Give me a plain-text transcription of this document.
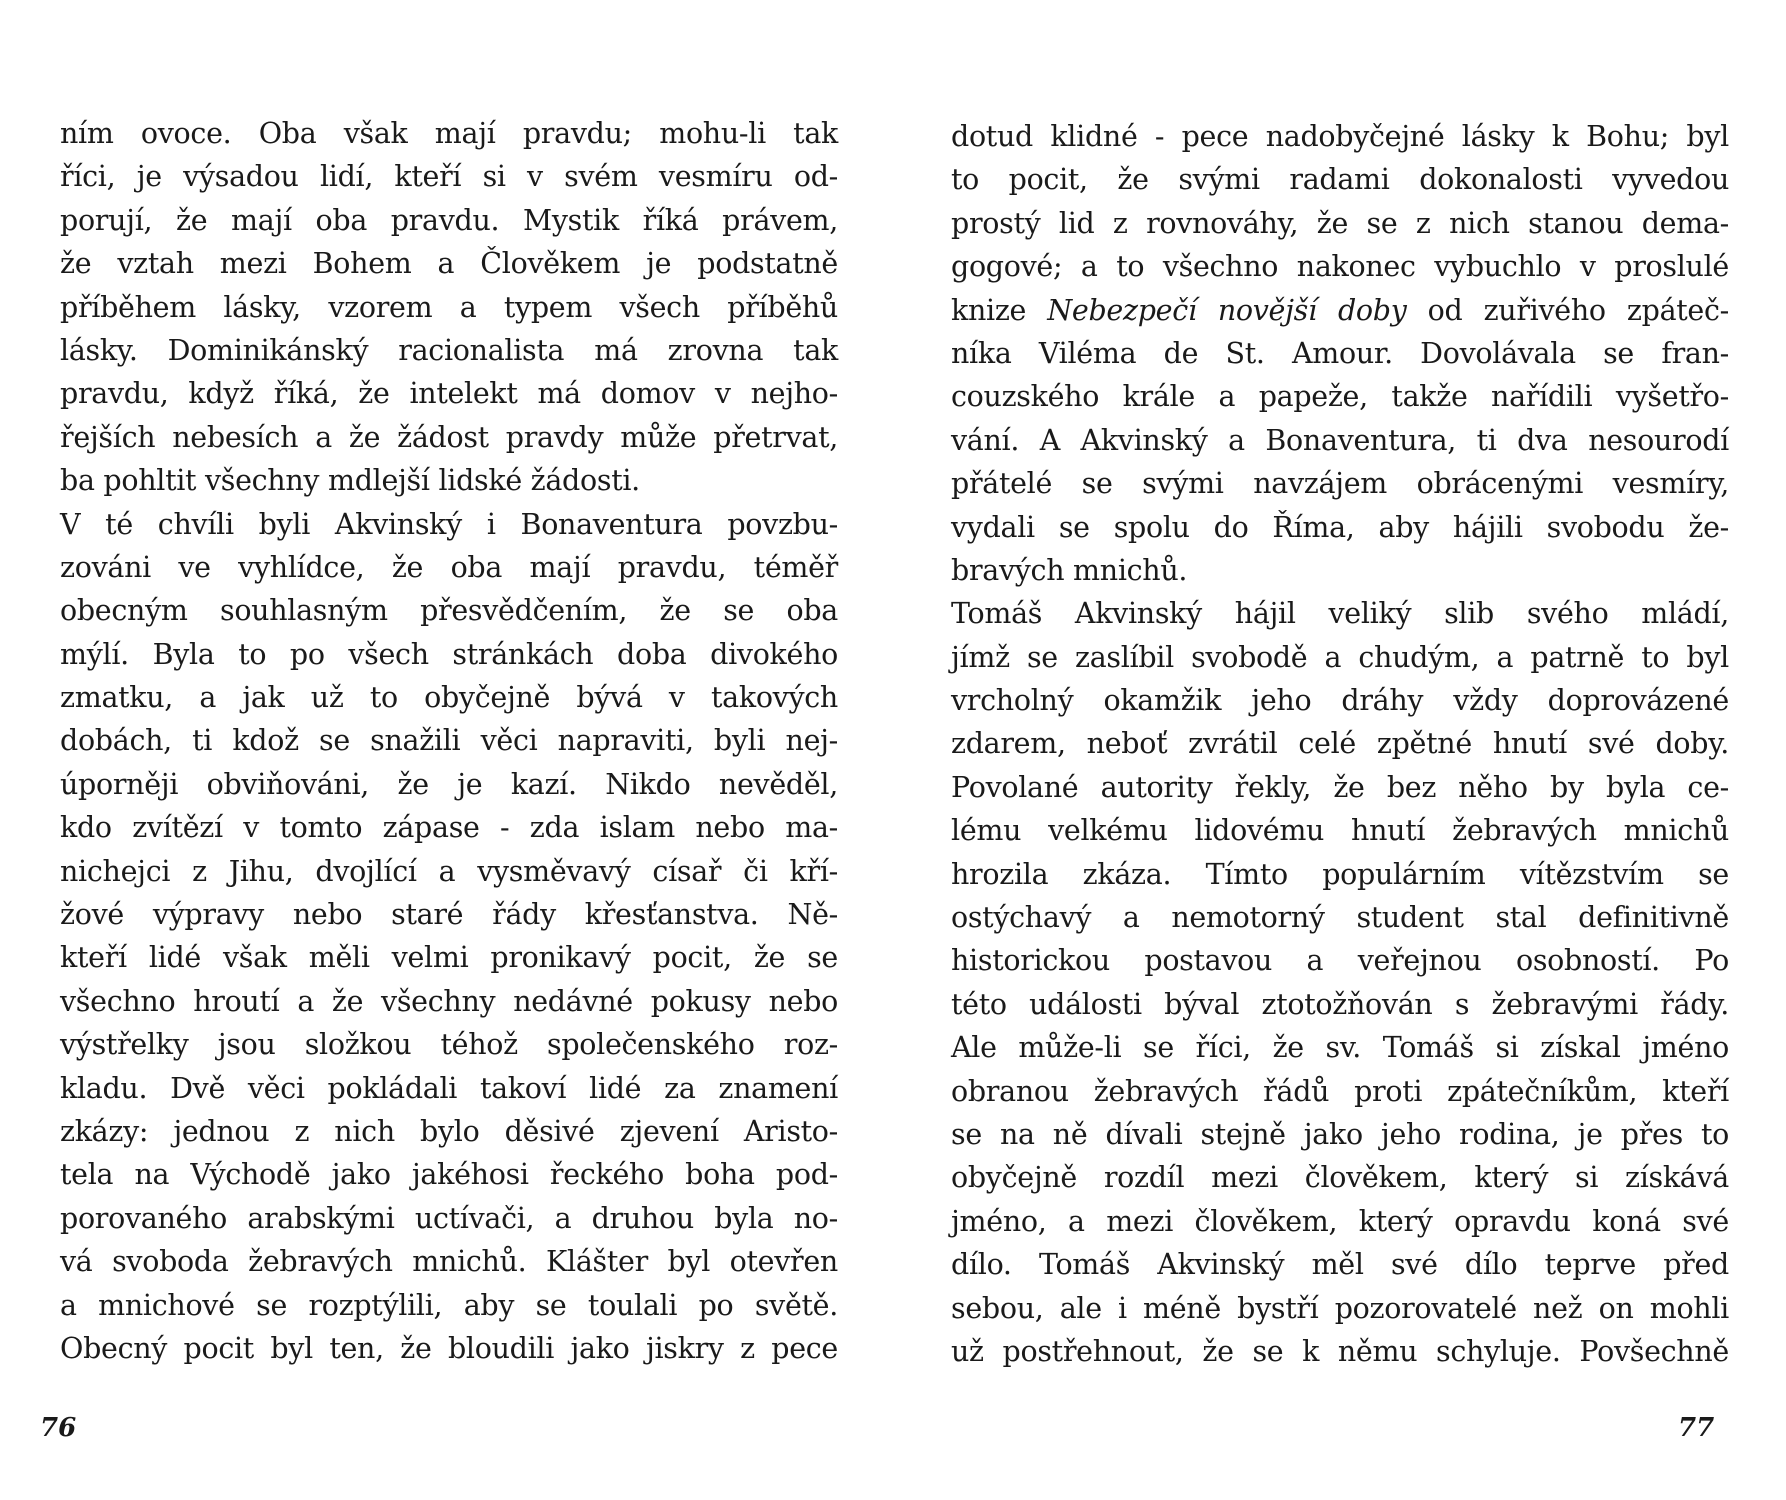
ním ovoce. Oba však mají pravdu; mohu-li tak
říci, je výsadou lidí, kteří si v svém vesmíru od-
porují, že mají oba pravdu. Mystik říká právem,
že vztah mezi Bohem a Člověkem je podstatně
příběhem lásky, vzorem a typem všech příběhů
lásky. Dominikánský racionalista má zrovna tak
pravdu, když říká, že intelekt má domov v nejho-
řejších nebesích a že žádost pravdy může přetrvat,
ba pohltit všechny mdlejší lidské žádosti.
V té chvíli byli Akvinský i Bonaventura povzbu-
zováni ve vyhlídce, že oba mají pravdu, téměř
obecným souhlasným přesvědčením, že se oba
mýlí. Byla to po všech stránkách doba divokého
zmatku, a jak už to obyčejně bývá v takových
dobách, ti kdož se snažili věci napraviti, byli nej-
úporněji obviňováni, že je kazí. Nikdo nevěděl,
kdo zvítězí v tomto zápase - zda islam nebo ma-
nichejci z Jihu, dvojlící a vysměvavý císař či kří-
žové výpravy nebo staré řády křesťanstva. Ně-
kteří lidé však měli velmi pronikavý pocit, že se
všechno hroutí a že všechny nedávné pokusy nebo
výstřelky jsou složkou téhož společenského roz-
kladu. Dvě věci pokládali takoví lidé za znamení
zkázy: jednou z nich bylo děsivé zjevení Aristo-
tela na Východě jako jakéhosi řeckého boha pod-
porovaného arabskými uctívači, a druhou byla no-
vá svoboda žebravých mnichů. Klášter byl otevřen
a mnichové se rozptýlili, aby se toulali po světě.
Obecný pocit byl ten, že bloudili jako jiskry z pece
76
dotud klidné - pece nadobyčejné lásky k Bohu; byl
to pocit, že svými radami dokonalosti vyvedou
prostý lid z rovnováhy, že se z nich stanou dema-
gogové; a to všechno nakonec vybuchlo v proslulé
knize Nebezpečí novější doby od zuřivého zpáteč-
níka Viléma de St. Amour. Dovolávala se fran-
couzského krále a papeže, takže nařídili vyšetřo-
vání. A Akvinský a Bonaventura, ti dva nesourodí
přátelé se svými navzájem obrácenými vesmíry,
vydali se spolu do Říma, aby hájili svobodu že-
bravých mnichů.
Tomáš Akvinský hájil veliký slib svého mládí,
jímž se zaslíbil svobodě a chudým, a patrně to byl
vrcholný okamžik jeho dráhy vždy doprovázené
zdarem, neboť zvrátil celé zpětné hnutí své doby.
Povolané autority řekly, že bez něho by byla ce-
lému velkému lidovému hnutí žebravých mnichů
hrozila zkáza. Tímto populárním vítězstvím se
ostýchavý a nemotorný student stal definitivně
historickou postavou a veřejnou osobností. Po
této události býval ztotožňován s žebravými řády.
Ale může-li se říci, že sv. Tomáš si získal jméno
obranou žebravých řádů proti zpátečníkům, kteří
se na ně dívali stejně jako jeho rodina, je přes to
obyčejně rozdíl mezi člověkem, který si získává
jméno, a mezi člověkem, který opravdu koná své
dílo. Tomáš Akvinský měl své dílo teprve před
sebou, ale i méně bystří pozorovatelé než on mohli
už postřehnout, že se k němu schyluje. Povšechně
77
